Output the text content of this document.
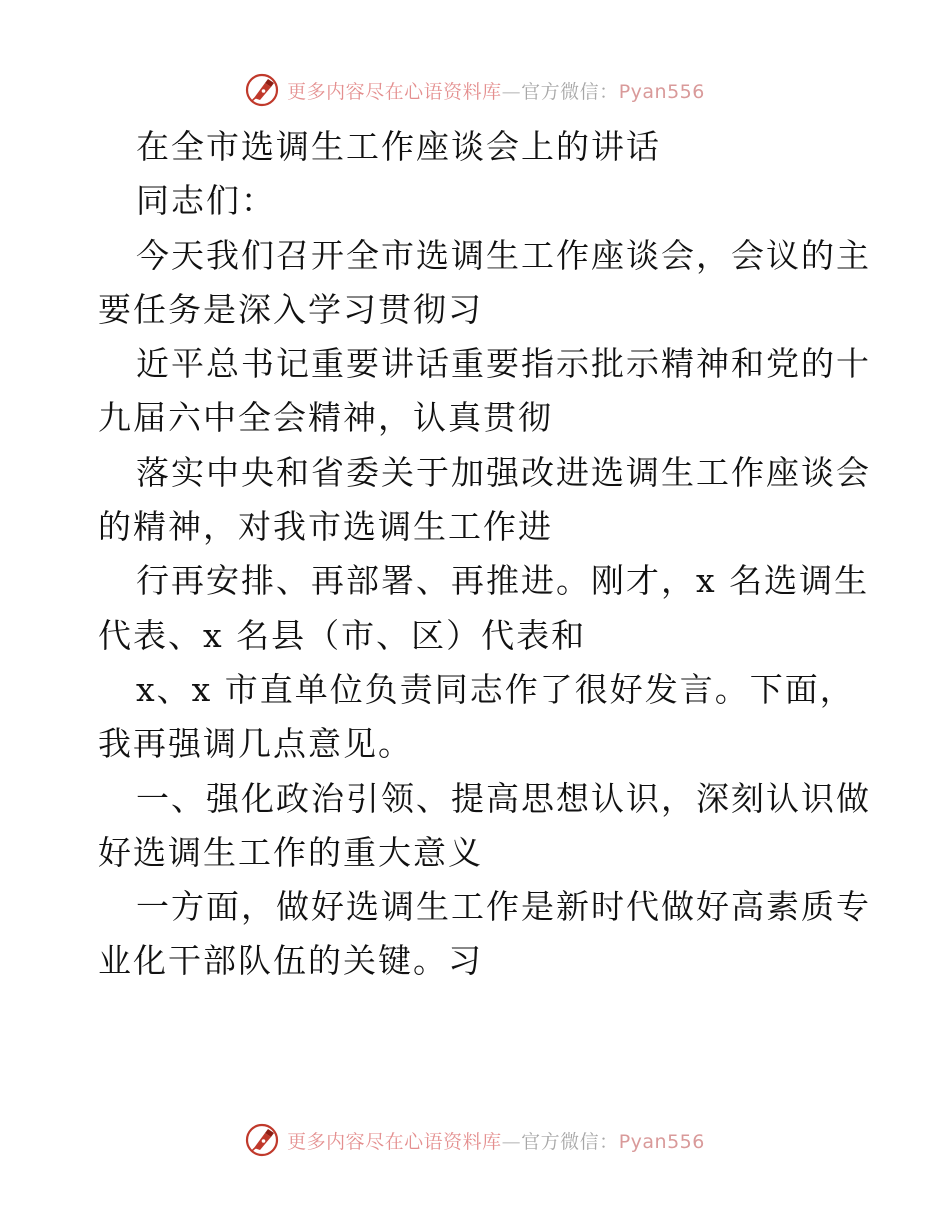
更多内容尽在心语资料库—官方微信：Pyan556
在全市选调生工作座谈会上的讲话
同志们：
今天我们召开全市选调生工作座谈会，会议的主
要任务是深入学习贯彻习
近平总书记重要讲话重要指示批示精神和党的十
九届六中全会精神，认真贯彻
落实中央和省委关于加强改进选调生工作座谈会
的精神，对我市选调生工作进
行再安排、再部署、再推进。刚才，x 名选调生
代表、x 名县（市、区）代表和
x、x 市直单位负责同志作了很好发言。下面，
我再强调几点意见。
一、强化政治引领、提高思想认识，深刻认识做
好选调生工作的重大意义
一方面，做好选调生工作是新时代做好高素质专
业化干部队伍的关键。习
更多内容尽在心语资料库—官方微信：Pyan556
